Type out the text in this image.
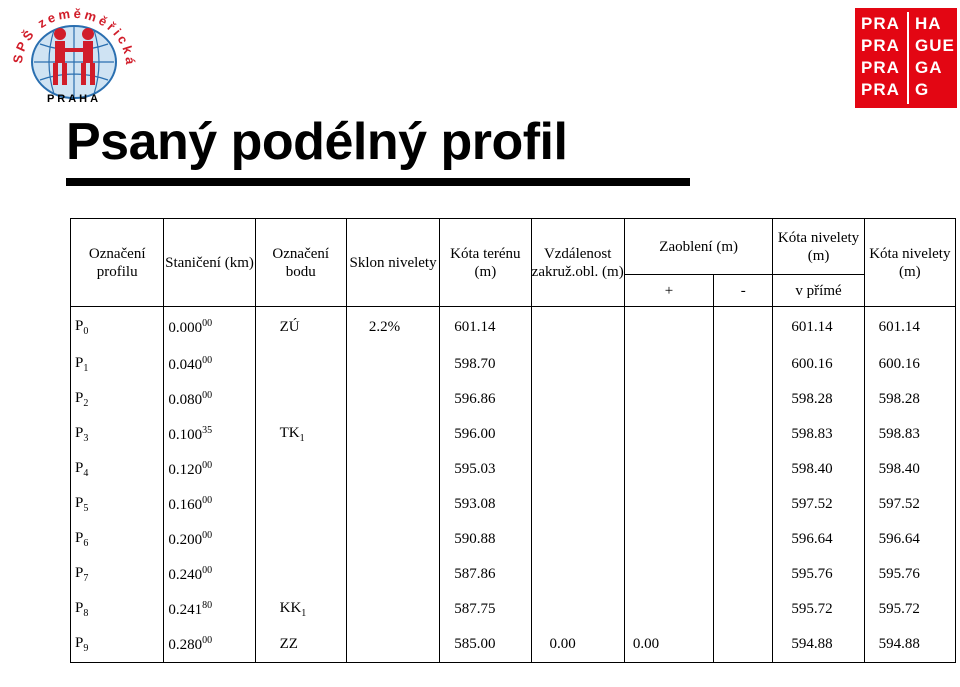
SPŠ zeměměřická
PRAHA
PRA HA
PRA GUE
PRA GA
PRA G
Psaný podélný profil
Označení profilu	Staničení (km)	Označení bodu	Sklon nivelety	Kóta terénu (m)	Vzdálenost zakruž.obl. (m)	Zaoblení (m)		Kóta nivelety (m)	Kóta nivelety (m)
						+	-	v přímé	
$P_0$	0.000$^{00}$	ZÚ	2.2%	601.14				601.14	601.14
$P_1$	0.040$^{00}$			598.70				600.16	600.16
$P_2$	0.080$^{00}$			596.86				598.28	598.28
$P_3$	0.100$^{35}$	$TK_1$		596.00				598.83	598.83
$P_4$	0.120$^{00}$			595.03				598.40	598.40
$P_5$	0.160$^{00}$			593.08				597.52	597.52
$P_6$	0.200$^{00}$			590.88				596.64	596.64
$P_7$	0.240$^{00}$			587.86				595.76	595.76
$P_8$	0.241$^{80}$	$KK_1$		587.75				595.72	595.72
$P_9$	0.280$^{00}$	ZZ		585.00	0.00	0.00		594.88	594.88
